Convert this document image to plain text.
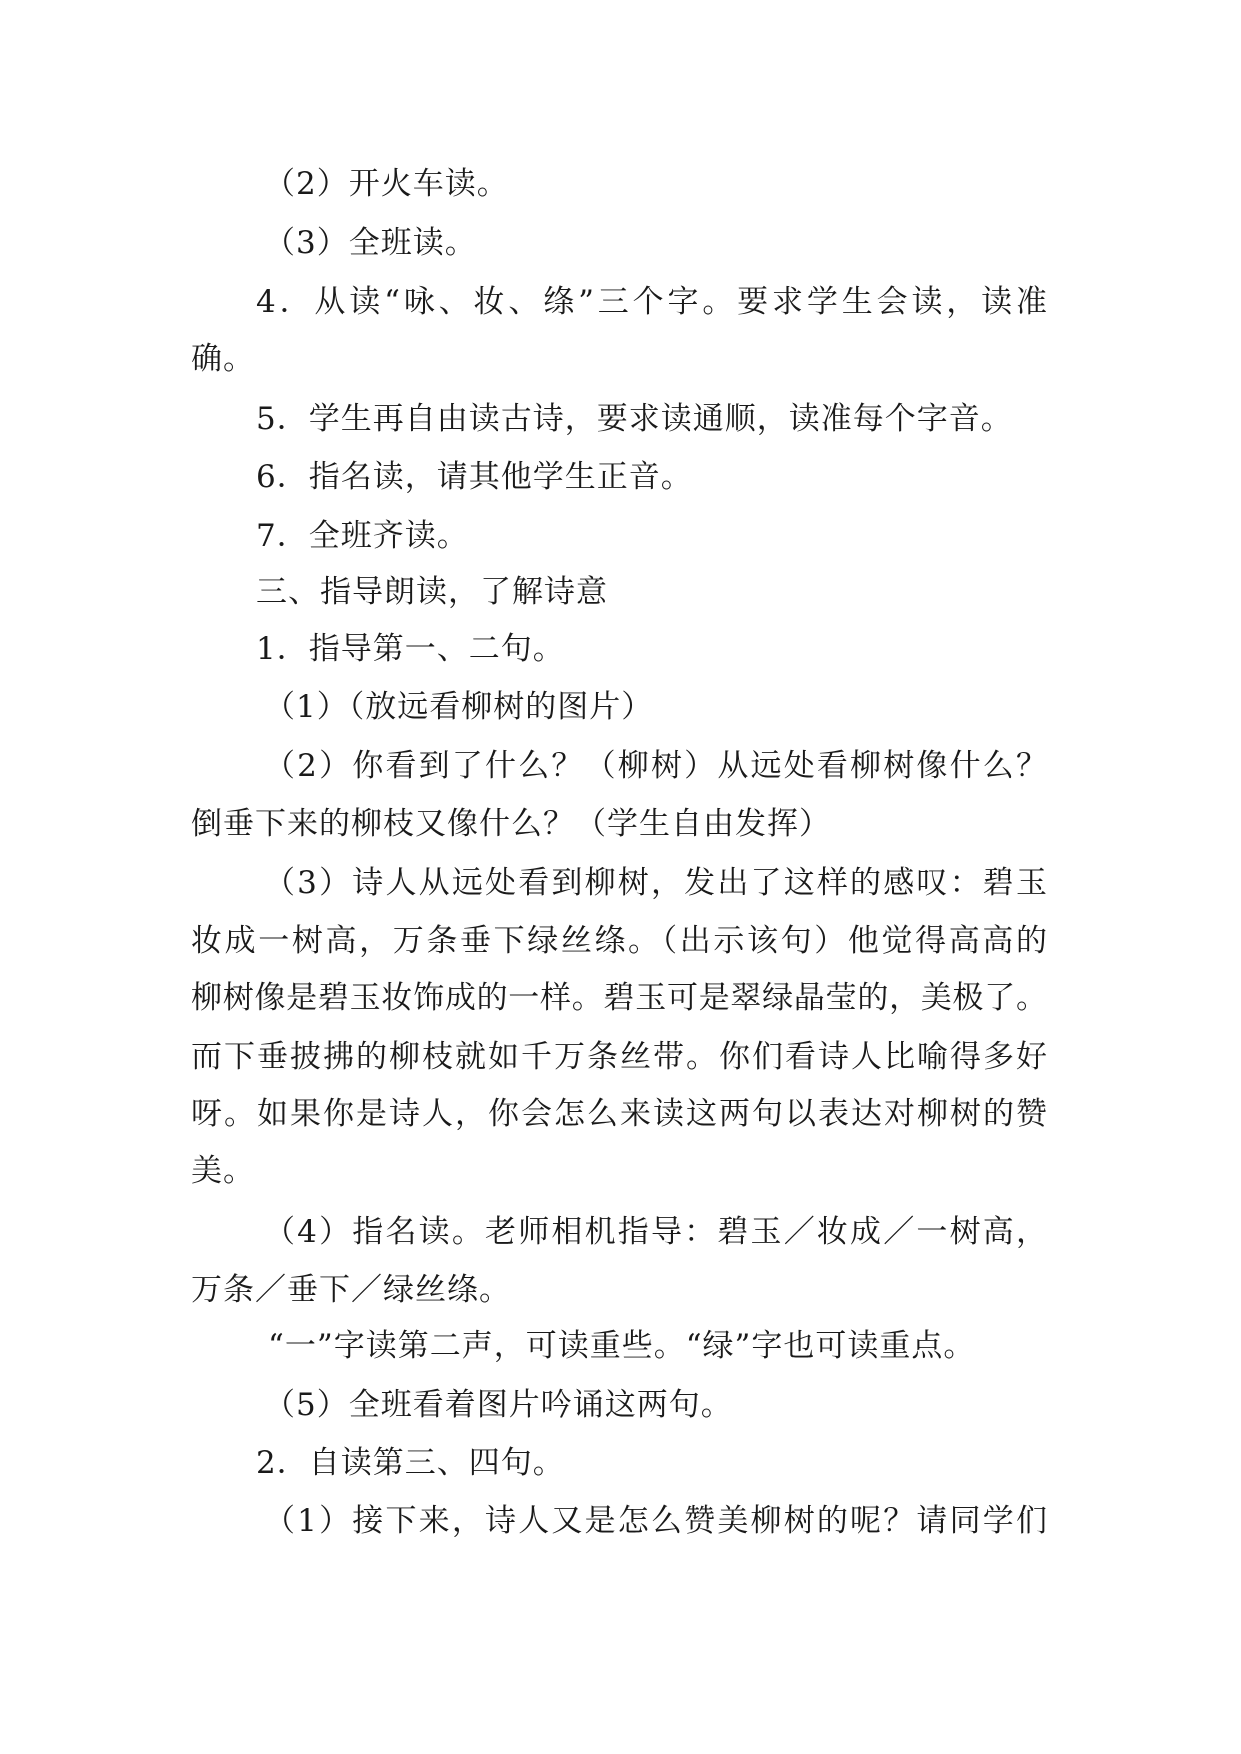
（2）开火车读。
（3）全班读。
4．从读“咏、妆、绦”三个字。要求学生会读，读准
确。
5．学生再自由读古诗，要求读通顺，读准每个字音。
6．指名读，请其他学生正音。
7．全班齐读。
三、指导朗读，了解诗意
1．指导第一、二句。
（1）（放远看柳树的图片）
（2）你看到了什么？（柳树）从远处看柳树像什么？
倒垂下来的柳枝又像什么？（学生自由发挥）
（3）诗人从远处看到柳树，发出了这样的感叹：碧玉
妆成一树高，万条垂下绿丝绦。（出示该句）他觉得高高的
柳树像是碧玉妆饰成的一样。碧玉可是翠绿晶莹的，美极了。
而下垂披拂的柳枝就如千万条丝带。你们看诗人比喻得多好
呀。如果你是诗人，你会怎么来读这两句以表达对柳树的赞
美。
（4）指名读。老师相机指导：碧玉／妆成／一树高，
万条／垂下／绿丝绦。
“一”字读第二声，可读重些。“绿”字也可读重点。
（5）全班看着图片吟诵这两句。
2．自读第三、四句。
（1）接下来，诗人又是怎么赞美柳树的呢？请同学们
